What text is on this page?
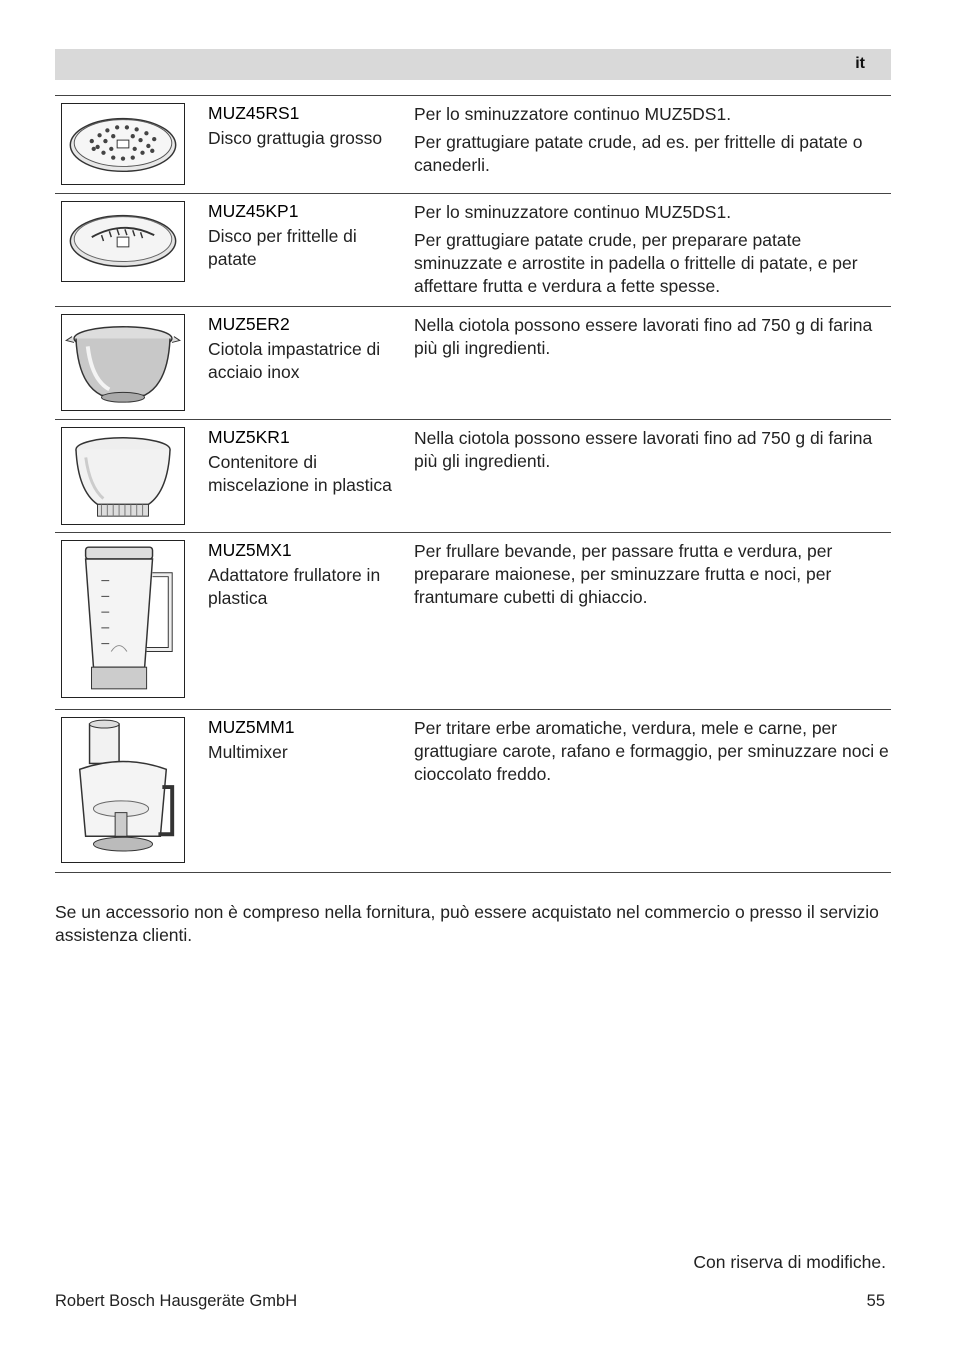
it
MUZ45RS1
Disco grattugia grosso

Per lo sminuzzatore continuo MUZ5DS1.

Per grattugiare patate crude, ad es. per frittelle di patate o canederli.

MUZ45KP1
Disco per frittelle di patate

Per lo sminuzzatore continuo MUZ5DS1.

Per grattugiare patate crude, per preparare patate sminuzzate e arrostite in padella o frittelle di patate, e per affettare frutta e verdura a fette spesse.

MUZ5ER2
Ciotola impastatrice di acciaio inox

Nella ciotola possono essere lavorati fino ad 750 g di farina più gli ingredienti.

MUZ5KR1
Contenitore di miscelazione in plastica

Nella ciotola possono essere lavorati fino ad 750 g di farina più gli ingredienti.

MUZ5MX1
Adattatore frullatore in plastica

Per frullare bevande, per passare frutta e verdura, per preparare maionese, per sminuzzare frutta e noci, per frantumare cubetti di ghiaccio.

MUZ5MM1
Multimixer

Per tritare erbe aromatiche, verdura, mele e carne, per grattugiare carote, rafano e formaggio, per sminuzzare noci e cioccolato freddo.

Se un accessorio non è compreso nella fornitura, può essere acquistato nel commercio o presso il servizio assistenza clienti.
Con riserva di modifiche.
Robert Bosch Hausgeräte GmbH	55
